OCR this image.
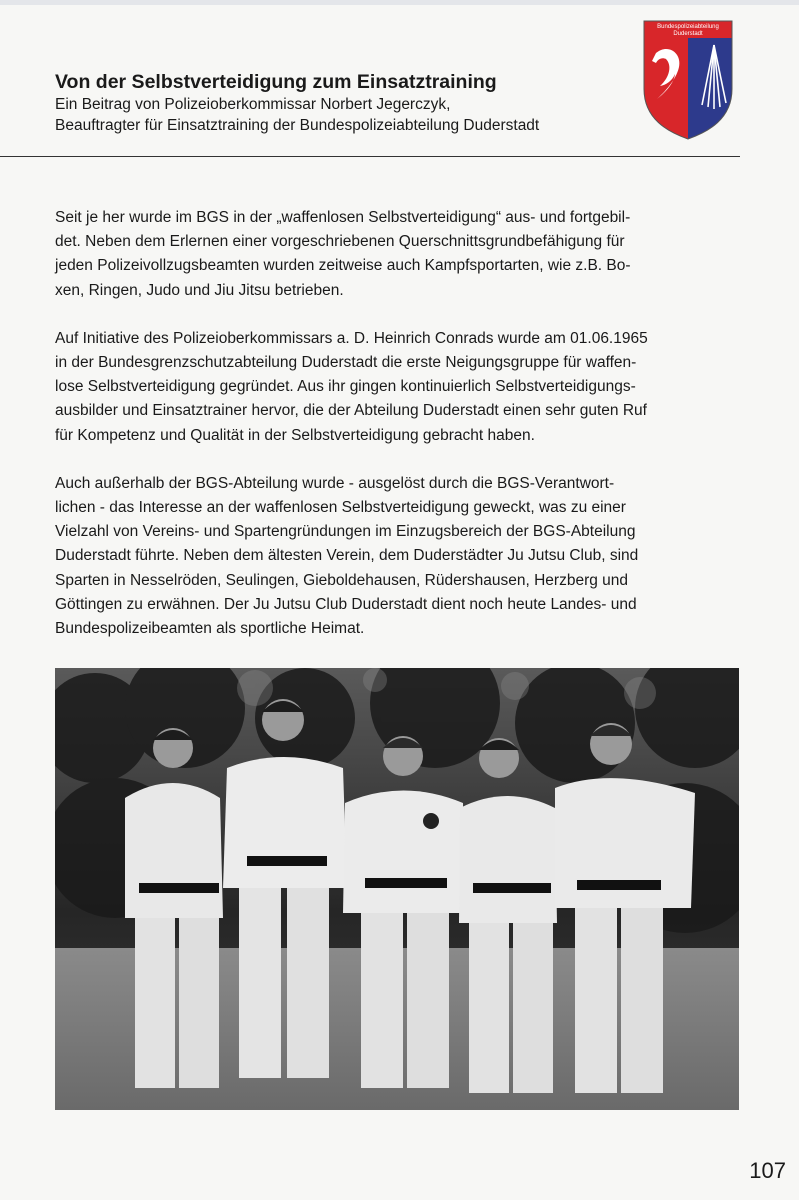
Von der Selbstverteidigung zum Einsatztraining

Ein Beitrag von Polizeioberkommissar Norbert Jegerczyk,

Beauftragter für Einsatztraining der Bundespolizeiabteilung Duderstadt

Bundespolizeiabteilung
Duderstadt

Seit je her wurde im BGS in der „waffenlosen Selbstverteidigung“ aus- und fortgebil-
det. Neben dem Erlernen einer vorgeschriebenen Querschnittsgrundbefähigung für
jeden Polizeivollzugsbeamten wurden zeitweise auch Kampfsportarten, wie z.B. Bo-
xen, Ringen, Judo und Jiu Jitsu betrieben.

Auf Initiative des Polizeioberkommissars a. D. Heinrich Conrads wurde am 01.06.1965
in der Bundesgrenzschutzabteilung Duderstadt die erste Neigungsgruppe für waffen-
lose Selbstverteidigung gegründet. Aus ihr gingen kontinuierlich Selbstverteidigungs-
ausbilder und Einsatztrainer hervor, die der Abteilung Duderstadt einen sehr guten Ruf
für Kompetenz und Qualität in der Selbstverteidigung gebracht haben.

Auch außerhalb der BGS-Abteilung wurde - ausgelöst durch die BGS-Verantwort-
lichen - das Interesse an der waffenlosen Selbstverteidigung geweckt, was zu einer
Vielzahl von Vereins- und Spartengründungen im Einzugsbereich der BGS-Abteilung
Duderstadt führte. Neben dem ältesten Verein, dem Duderstädter Ju Jutsu Club, sind
Sparten in Nesselröden, Seulingen, Gieboldehausen, Rüdershausen, Herzberg und
Göttingen zu erwähnen. Der Ju Jutsu Club Duderstadt dient noch heute Landes- und
Bundespolizeibeamten als sportliche Heimat.

107
